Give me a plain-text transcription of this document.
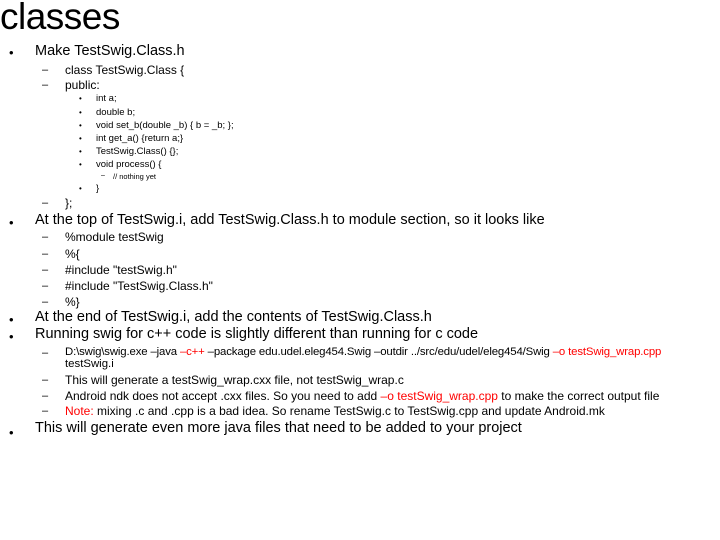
classes
• Make TestSwig.Class.h
– class TestSwig.Class {
– public:
• int a;
• double b;
• void set_b(double _b) { b = _b; };
• int get_a() {return a;}
• TestSwig.Class() {};
• void process() {
– // nothing yet
• }
– };
• At the top of TestSwig.i, add TestSwig.Class.h to module section, so it looks like
– %module testSwig
– %{
– #include "testSwig.h"
– #include "TestSwig.Class.h"
– %}
• At the end of TestSwig.i, add the contents of TestSwig.Class.h
• Running swig for c++ code is slightly different than running for c code
– D:\swig\swig.exe –java –c++ –package edu.udel.eleg454.Swig –outdir ../src/edu/udel/eleg454/Swig –o testSwig_wrap.cpp
testSwig.i
– This will generate a testSwig_wrap.cxx file, not testSwig_wrap.c
– Android ndk does not accept .cxx files. So you need to add –o testSwig_wrap.cpp to make the correct output file
– Note: mixing .c and .cpp is a bad idea. So rename TestSwig.c to TestSwig.cpp and update Android.mk
• This will generate even more java files that need to be added to your project
